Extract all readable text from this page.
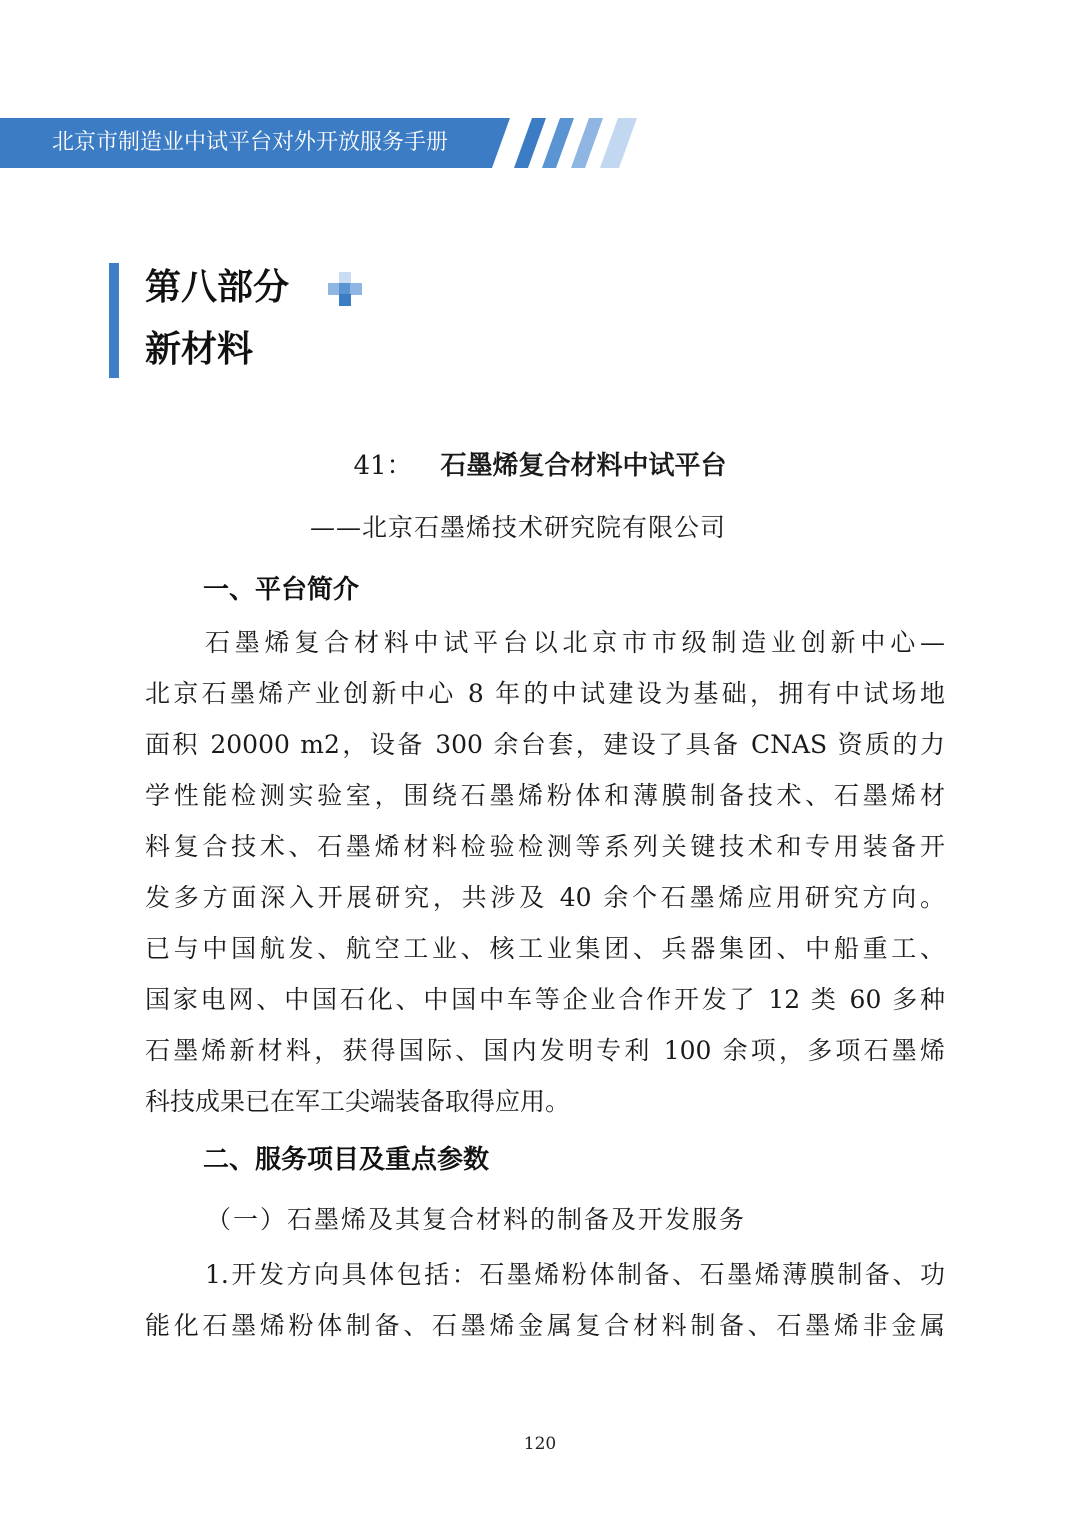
北京市制造业中试平台对外开放服务手册
第八部分
新材料
41： 石墨烯复合材料中试平台
——北京石墨烯技术研究院有限公司
一、平台简介
石墨烯复合材料中试平台以北京市市级制造业创新中心—
北京石墨烯产业创新中心 8 年的中试建设为基础，拥有中试场地
面积 20000 m2，设备 300 余台套，建设了具备 CNAS 资质的力
学性能检测实验室，围绕石墨烯粉体和薄膜制备技术、石墨烯材
料复合技术、石墨烯材料检验检测等系列关键技术和专用装备开
发多方面深入开展研究，共涉及 40 余个石墨烯应用研究方向。
已与中国航发、航空工业、核工业集团、兵器集团、中船重工、
国家电网、中国石化、中国中车等企业合作开发了 12 类 60 多种
石墨烯新材料，获得国际、国内发明专利 100 余项，多项石墨烯
科技成果已在军工尖端装备取得应用。
二、服务项目及重点参数
（一）石墨烯及其复合材料的制备及开发服务
1.开发方向具体包括：石墨烯粉体制备、石墨烯薄膜制备、功
能化石墨烯粉体制备、石墨烯金属复合材料制备、石墨烯非金属
120
